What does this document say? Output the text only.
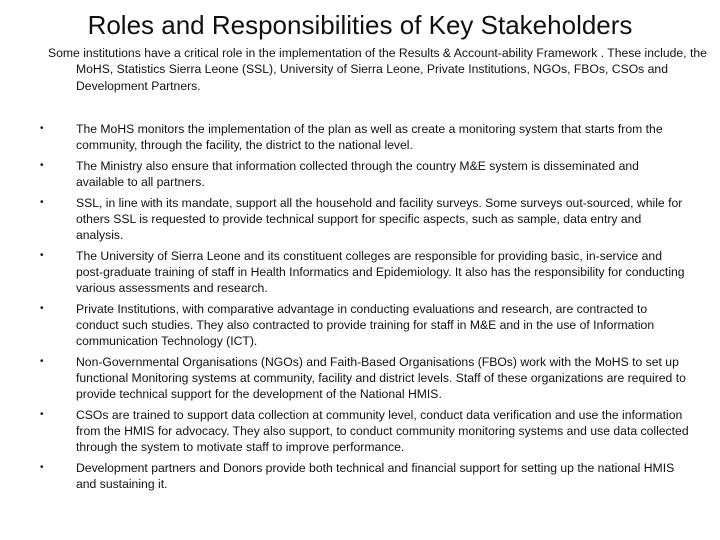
Roles and Responsibilities of Key Stakeholders

Some institutions have a critical role in the implementation of the Results & Account-ability Framework . These include, the MoHS, Statistics Sierra Leone (SSL), University of Sierra Leone, Private Institutions, NGOs, FBOs, CSOs and Development Partners.

•	The MoHS monitors the implementation of the plan as well as create a monitoring system that starts from the community, through the facility, the district to the national level.
•	The Ministry also ensure that information collected through the country M&E system is disseminated and available to all partners.
•	SSL, in line with its mandate, support all the household and facility surveys. Some surveys out-sourced, while for others SSL is requested to provide technical support for specific aspects, such as sample, data entry and analysis.
•	The University of Sierra Leone and its constituent colleges are responsible for providing basic, in-service and post-graduate training of staff in Health Informatics and Epidemiology. It also has the responsibility for conducting various assessments and research.
•	Private Institutions, with comparative advantage in conducting evaluations and research, are contracted to conduct such studies. They also contracted to provide training for staff in M&E and in the use of Information communication Technology (ICT).
•	Non-Governmental Organisations (NGOs) and Faith-Based Organisations (FBOs) work with the MoHS to set up functional Monitoring systems at community, facility and district levels. Staff of these organizations are required to provide technical support for the development of the National HMIS.
•	CSOs are trained to support data collection at community level, conduct data verification and use the information from the HMIS for advocacy. They also support, to conduct community monitoring systems and use data collected through the system to motivate staff to improve performance.
•	Development partners and Donors provide both technical and financial support for setting up the national HMIS and sustaining it.
